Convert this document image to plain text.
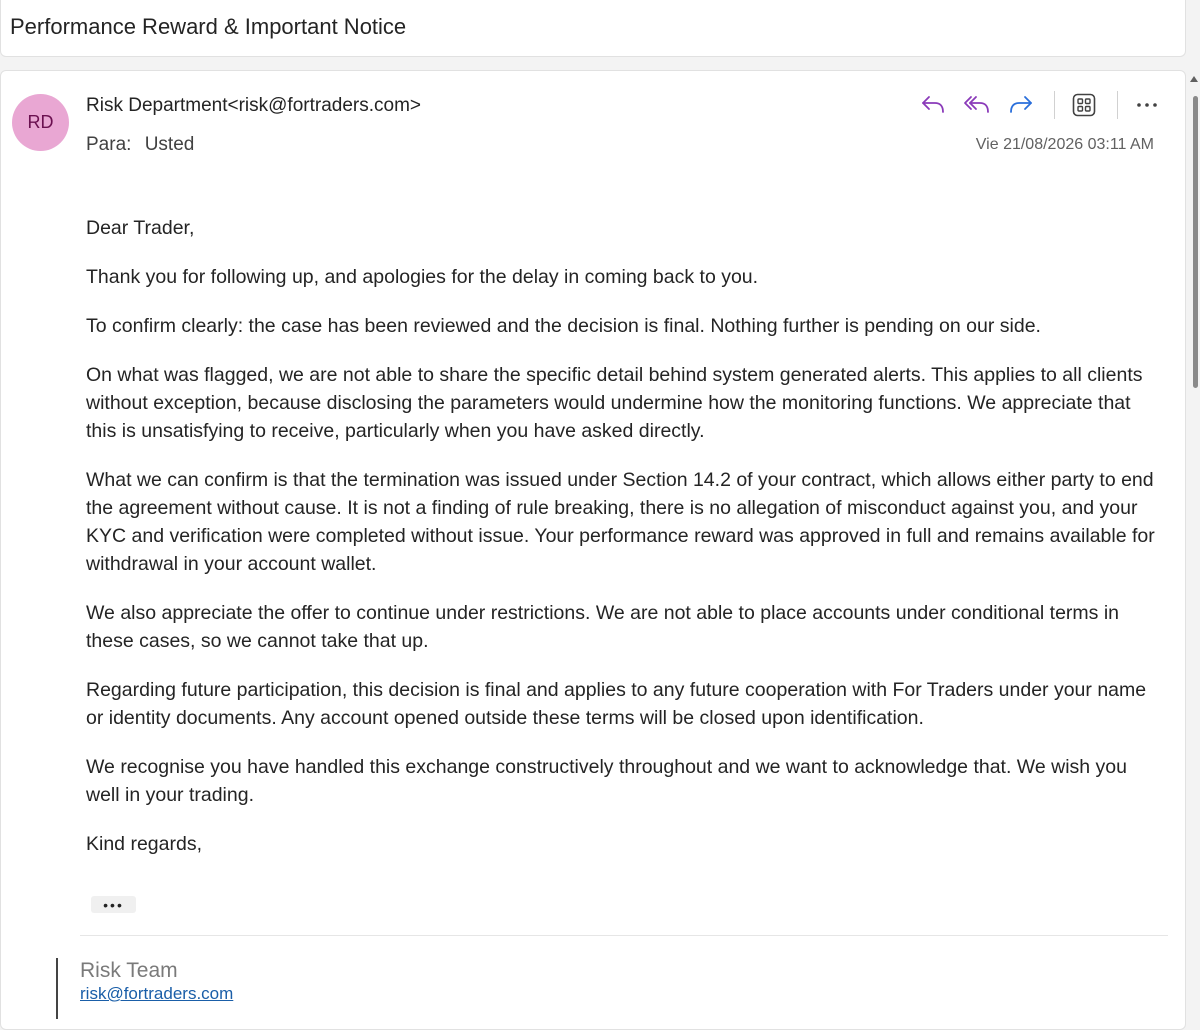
Performance Reward & Important Notice
RD
Risk Department<risk@fortraders.com>
Para: Usted	Vie 21/08/2026 03:11 AM

Dear Trader,

Thank you for following up, and apologies for the delay in coming back to you.

To confirm clearly: the case has been reviewed and the decision is final. Nothing further is pending on our side.

On what was flagged, we are not able to share the specific detail behind system generated alerts. This applies to all clients without exception, because disclosing the parameters would undermine how the monitoring functions. We appreciate that this is unsatisfying to receive, particularly when you have asked directly.

What we can confirm is that the termination was issued under Section 14.2 of your contract, which allows either party to end the agreement without cause. It is not a finding of rule breaking, there is no allegation of misconduct against you, and your KYC and verification were completed without issue. Your performance reward was approved in full and remains available for withdrawal in your account wallet.

We also appreciate the offer to continue under restrictions. We are not able to place accounts under conditional terms in these cases, so we cannot take that up.

Regarding future participation, this decision is final and applies to any future cooperation with For Traders under your name or identity documents. Any account opened outside these terms will be closed upon identification.

We recognise you have handled this exchange constructively throughout and we want to acknowledge that. We wish you well in your trading.

Kind regards,

•••
Risk Team
risk@fortraders.com
